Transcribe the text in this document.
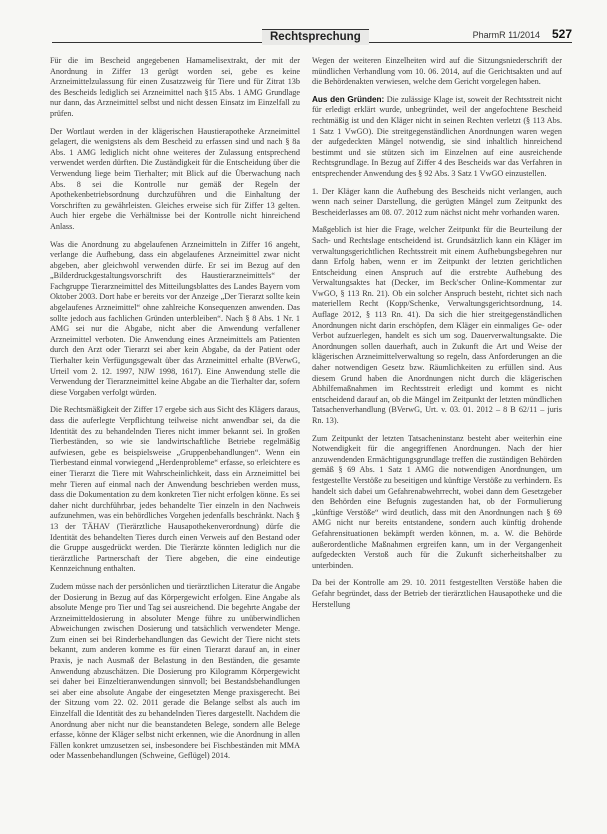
Rechtsprechung	PharmR 11/2014 527

Für die im Bescheid angegebenen Hamamelisextrakt, der mit der Anordnung in Ziffer 13 gerügt worden sei, gebe es keine Arzneimittelzulassung für einen Zusatzzweig für Tiere und für Zitrat 13b des Bescheids lediglich sei Arzneimittel nach §15 Abs. 1 AMG Grundlage nur dann, das Arzneimittel selbst und nicht dessen Einsatz im Einzelfall zu prüfen.

Der Wortlaut werden in der klägerischen Haustierapotheke Arzneimittel gelagert, die wenigstens als dem Bescheid zu erfassen sind und nach § 8a Abs. 1 AMG lediglich nicht ohne weiteres der Zulassung entsprechend verwendet werden dürften. Die Zuständigkeit für die Entscheidung über die Verwendung liege beim Tierhalter; mit Blick auf die Überwachung nach Abs. 8 sei die Kontrolle nur gemäß der Regeln der Apothekenbetriebsordnung durchzuführen und die Einhaltung der Vorschriften zu gewährleisten. Gleiches erweise sich für Ziffer 13 gelten. Auch hier ergebe die Verhältnisse bei der Kontrolle nicht hinreichend Anlass.

Was die Anordnung zu abgelaufenen Arzneimitteln in Ziffer 16 angeht, verlange die Aufhebung, dass ein abgelaufenes Arzneimittel zwar nicht abgeben, aber gleichwohl verwenden dürfe. Er sei im Bezug auf den „Bilderdruckgestaltungsvorschrift des Haustierarzneimittels“ der Fachgruppe Tierarzneimittel des Mitteilungsblattes des Landes Bayern vom Oktober 2003. Dort habe er bereits vor der Anzeige „Der Tierarzt sollte kein abgelaufenes Arzneimittel“ ohne zahlreiche Konsequenzen anwenden. Das sollte jedoch aus fachlichen Gründen unterbleiben“. Nach § 8 Abs. 1 Nr. 1 AMG sei nur die Abgabe, nicht aber die Anwendung verfallener Arzneimittel verboten. Die Anwendung eines Arzneimittels am Patienten durch den Arzt oder Tierarzt sei aber kein Abgabe, da der Patient oder Tierhalter kein Verfügungsgewalt über das Arzneimittel erhalte (BVerwG, Urteil vom 2. 12. 1997, NJW 1998, 1617). Eine Anwendung stelle die Verwendung der Tierarzneimittel keine Abgabe an die Tierhalter dar, sofern diese Vorgaben verfolgt würden.

Die Rechtsmäßigkeit der Ziffer 17 ergebe sich aus Sicht des Klägers daraus, dass die auferlegte Verpflichtung teilweise nicht anwendbar sei, da die Identität des zu behandelnden Tieres nicht immer bekannt sei. In großen Tierbeständen, so wie sie landwirtschaftliche Betriebe regelmäßig aufwiesen, gebe es beispielsweise „Gruppenbehandlungen“. Wenn ein Tierbestand einmal vorwiegend „Herdenprobleme“ erfasse, so erleichtere es einer Tierarzt die Tiere mit Wahrscheinlichkeit, dass ein Arzneimittel bei mehr Tieren auf einmal nach der Anwendung beschrieben werden muss, dass die Dokumentation zu dem konkreten Tier nicht erfolgen könne. Es sei daher nicht durchführbar, jedes behandelte Tier einzeln in den Nachweis aufzunehmen, was ein behördliches Vorgehen jedenfalls beschränkt. Nach § 13 der TÄHAV (Tierärztliche Hausapothekenverordnung) dürfe die Identität des behandelten Tieres durch einen Verweis auf den Bestand oder die Gruppe ausgedrückt werden. Die Tierärzte könnten lediglich nur die tierärztliche Partnerschaft der Tiere abgeben, die eine eindeutige Kennzeichnung enthalten.

Zudem müsse nach der persönlichen und tierärztlichen Literatur die Angabe der Dosierung in Bezug auf das Körpergewicht erfolgen. Eine Angabe als absolute Menge pro Tier und Tag sei ausreichend. Die begehrte Angabe der Arzneimitteldosierung in absoluter Menge führe zu unüberwindlichen Abweichungen zwischen Dosierung und tatsächlich verwendeter Menge. Zum einen sei bei Rinderbehandlungen das Gewicht der Tiere nicht stets bekannt, zum anderen komme es für einen Tierarzt darauf an, in einer Praxis, je nach Ausmaß der Belastung in den Beständen, die gesamte Anwendung abzuschätzen. Die Dosierung pro Kilogramm Körpergewicht sei daher bei Einzeltieranwendungen sinnvoll; bei Bestandsbehandlungen sei aber eine absolute Angabe der eingesetzten Menge praxisgerecht. Bei der Sitzung vom 22. 02. 2011 gerade die Belange selbst als auch im Einzelfall die Identität des zu behandelnden Tieres dargestellt. Nachdem die Anordnung aber nicht nur die beanstandeten Belege, sondern alle Belege erfasse, könne der Kläger selbst nicht erkennen, wie die Anordnung in allen Fällen konkret umzusetzen sei, insbesondere bei Fischbeständen mit MMA oder Massenbehandlungen (Schweine, Geflügel) 2014.

Wegen der weiteren Einzelheiten wird auf die Sitzungsniederschrift der mündlichen Verhandlung vom 10. 06. 2014, auf die Gerichtsakten und auf die Behördenakten verwiesen, welche dem Gericht vorgelegen haben.

Aus den Gründen: Die zulässige Klage ist, soweit der Rechtsstreit nicht für erledigt erklärt wurde, unbegründet, weil der angefochtene Bescheid rechtmäßig ist und den Kläger nicht in seinen Rechten verletzt (§ 113 Abs. 1 Satz 1 VwGO). Die streitgegenständlichen Anordnungen waren wegen der aufgedeckten Mängel notwendig, sie sind inhaltlich hinreichend bestimmt und sie stützen sich im Einzelnen auf eine ausreichende Rechtsgrundlage. In Bezug auf Ziffer 4 des Bescheids war das Verfahren in entsprechender Anwendung des § 92 Abs. 3 Satz 1 VwGO einzustellen.

1. Der Kläger kann die Aufhebung des Bescheids nicht verlangen, auch wenn nach seiner Darstellung, die gerügten Mängel zum Zeitpunkt des Bescheiderlasses am 08. 07. 2012 zum nächst nicht mehr vorhanden waren.

Maßgeblich ist hier die Frage, welcher Zeitpunkt für die Beurteilung der Sach- und Rechtslage entscheidend ist. Grundsätzlich kann ein Kläger im verwaltungsgerichtlichen Rechtsstreit mit einem Aufhebungsbegehren nur dann Erfolg haben, wenn er im Zeitpunkt der letzten gerichtlichen Entscheidung einen Anspruch auf die erstrebte Aufhebung des Verwaltungsaktes hat (Decker, im Beck'scher Online-Kommentar zur VwGO, § 113 Rn. 21). Ob ein solcher Anspruch besteht, richtet sich nach materiellem Recht (Kopp/Schenke, Verwaltungsgerichtsordnung, 14. Auflage 2012, § 113 Rn. 41). Da sich die hier streitgegenständlichen Anordnungen nicht darin erschöpfen, dem Kläger ein einmaliges Ge- oder Verbot aufzuerlegen, handelt es sich um sog. Dauerverwaltungsakte. Die Anordnungen sollen dauerhaft, auch in Zukunft die Art und Weise der klägerischen Arzneimittelverwaltung so regeln, dass Anforderungen an die daher notwendigen Gesetz bzw. Räumlichkeiten zu erfüllen sind. Aus diesem Grund haben die Anordnungen nicht durch die klägerischen Abhilfemaßnahmen im Rechtsstreit erledigt und kommt es nicht entscheidend darauf an, ob die Mängel im Zeitpunkt der letzten mündlichen Tatsachenverhandlung (BVerwG, Urt. v. 03. 01. 2012 – 8 B 62/11 – juris Rn. 13).

Zum Zeitpunkt der letzten Tatsacheninstanz besteht aber weiterhin eine Notwendigkeit für die angegriffenen Anordnungen. Nach der hier anzuwendenden Ermächtigungsgrundlage treffen die zuständigen Behörden gemäß § 69 Abs. 1 Satz 1 AMG die notwendigen Anordnungen, um festgestellte Verstöße zu beseitigen und künftige Verstöße zu verhindern. Es handelt sich dabei um Gefahrenabwehrrecht, wobei dann dem Gesetzgeber den Behörden eine Befugnis zugestanden hat, ob der Formulierung „künftige Verstöße“ wird deutlich, dass mit den Anordnungen nach § 69 AMG nicht nur bereits entstandene, sondern auch künftig drohende Gefahrensituationen bekämpft werden können, m. a. W. die Behörde außerordentliche Maßnahmen ergreifen kann, um in der Vergangenheit aufgedeckten Verstoß auch für die Zukunft sicherheitshalber zu unterbinden.

Da bei der Kontrolle am 29. 10. 2011 festgestellten Verstöße haben die Gefahr begründet, dass der Betrieb der tierärztlichen Hausapotheke und die Herstellung
